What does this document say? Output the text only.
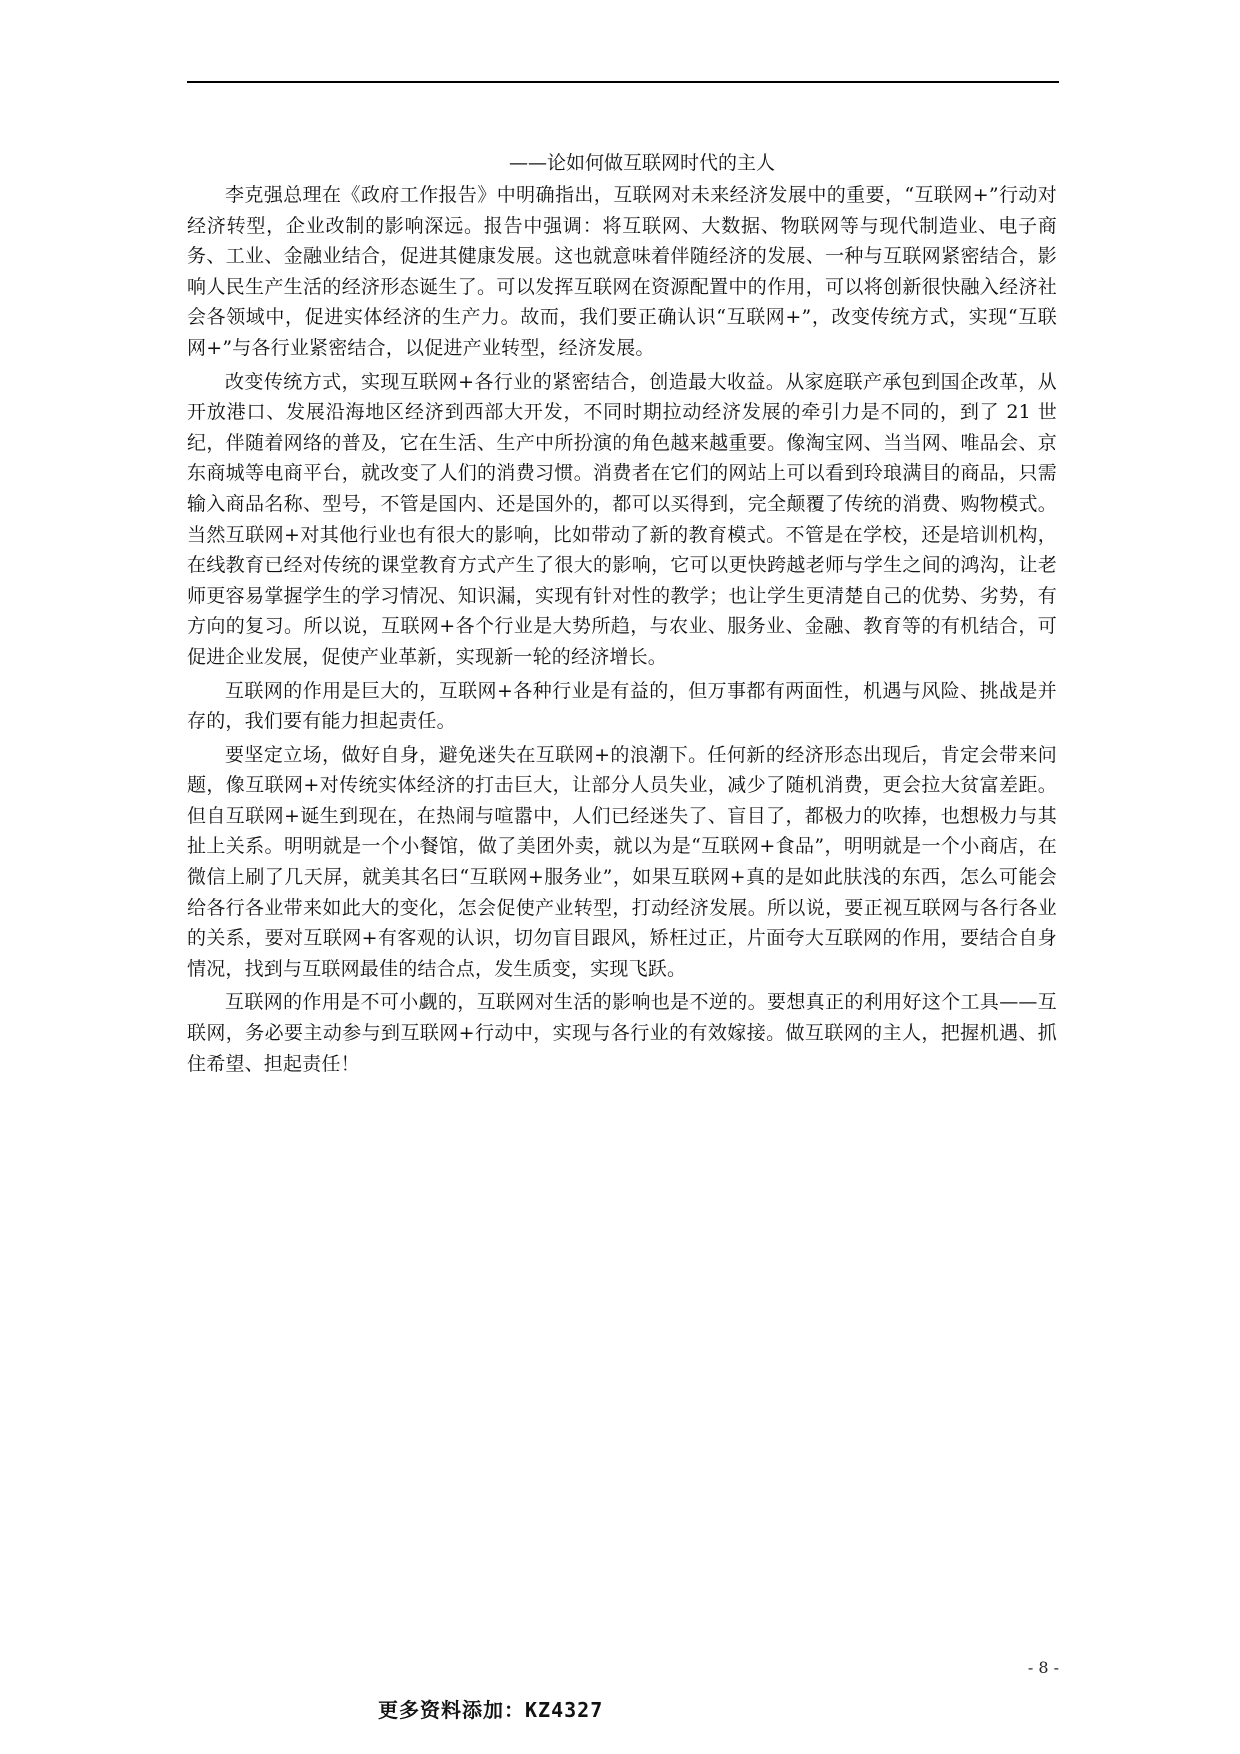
——论如何做互联网时代的主人

李克强总理在《政府工作报告》中明确指出，互联网对未来经济发展中的重要，“互联网+”行动对经济转型，企业改制的影响深远。报告中强调：将互联网、大数据、物联网等与现代制造业、电子商务、工业、金融业结合，促进其健康发展。这也就意味着伴随经济的发展、一种与互联网紧密结合，影响人民生产生活的经济形态诞生了。可以发挥互联网在资源配置中的作用，可以将创新很快融入经济社会各领域中，促进实体经济的生产力。故而，我们要正确认识“互联网+”，改变传统方式，实现“互联网+”与各行业紧密结合，以促进产业转型，经济发展。

改变传统方式，实现互联网+各行业的紧密结合，创造最大收益。从家庭联产承包到国企改革，从开放港口、发展沿海地区经济到西部大开发，不同时期拉动经济发展的牵引力是不同的，到了 21 世纪，伴随着网络的普及，它在生活、生产中所扮演的角色越来越重要。像淘宝网、当当网、唯品会、京东商城等电商平台，就改变了人们的消费习惯。消费者在它们的网站上可以看到玲琅满目的商品，只需输入商品名称、型号，不管是国内、还是国外的，都可以买得到，完全颠覆了传统的消费、购物模式。当然互联网+对其他行业也有很大的影响，比如带动了新的教育模式。不管是在学校，还是培训机构，在线教育已经对传统的课堂教育方式产生了很大的影响，它可以更快跨越老师与学生之间的鸿沟，让老师更容易掌握学生的学习情况、知识漏，实现有针对性的教学；也让学生更清楚自己的优势、劣势，有方向的复习。所以说，互联网+各个行业是大势所趋，与农业、服务业、金融、教育等的有机结合，可促进企业发展，促使产业革新，实现新一轮的经济增长。

互联网的作用是巨大的，互联网+各种行业是有益的，但万事都有两面性，机遇与风险、挑战是并存的，我们要有能力担起责任。

要坚定立场，做好自身，避免迷失在互联网+的浪潮下。任何新的经济形态出现后，肯定会带来问题，像互联网+对传统实体经济的打击巨大，让部分人员失业，减少了随机消费，更会拉大贫富差距。但自互联网+诞生到现在，在热闹与喧嚣中，人们已经迷失了、盲目了，都极力的吹捧，也想极力与其扯上关系。明明就是一个小餐馆，做了美团外卖，就以为是“互联网+食品”，明明就是一个小商店，在微信上刷了几天屏，就美其名曰“互联网+服务业”，如果互联网+真的是如此肤浅的东西，怎么可能会给各行各业带来如此大的变化，怎会促使产业转型，打动经济发展。所以说，要正视互联网与各行各业的关系，要对互联网+有客观的认识，切勿盲目跟风，矫枉过正，片面夸大互联网的作用，要结合自身情况，找到与互联网最佳的结合点，发生质变，实现飞跃。

互联网的作用是不可小觑的，互联网对生活的影响也是不逆的。要想真正的利用好这个工具——互联网，务必要主动参与到互联网+行动中，实现与各行业的有效嫁接。做互联网的主人，把握机遇、抓住希望、担起责任！

- 8 -
更多资料添加：KZ4327
